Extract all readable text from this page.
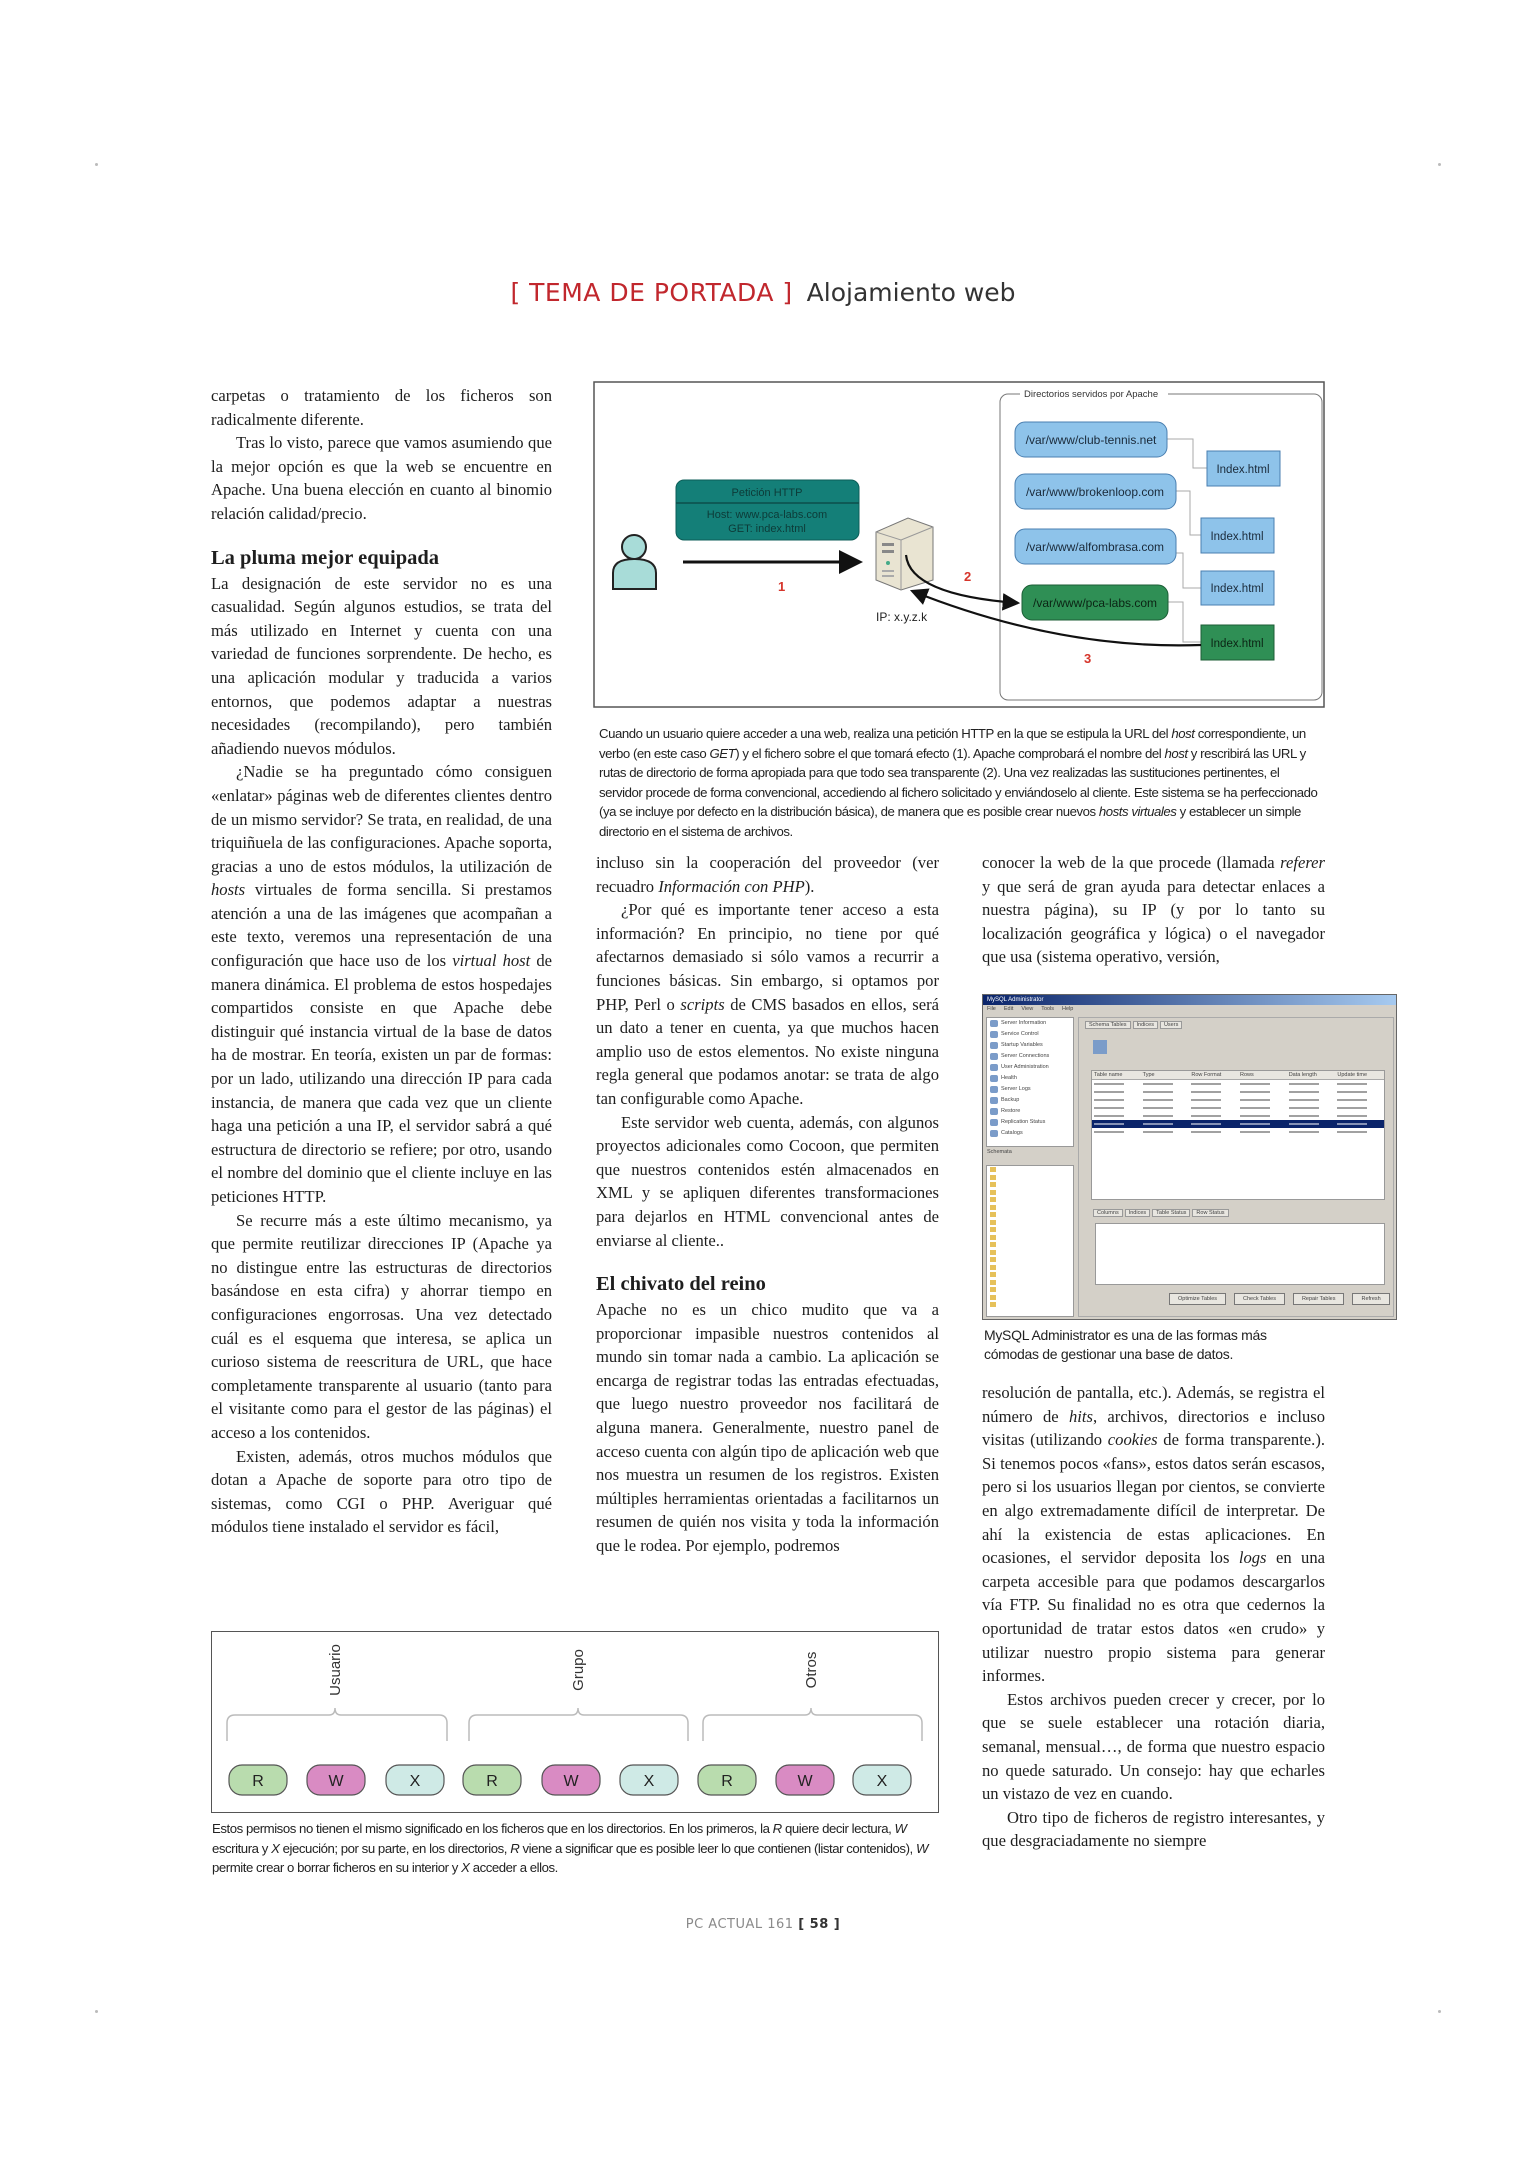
[ TEMA DE PORTADA ] Alojamiento web

carpetas o tratamiento de los ficheros son radicalmente diferente.

Tras lo visto, parece que vamos asumiendo que la mejor opción es que la web se encuentre en Apache. Una buena elección en cuanto al binomio relación calidad/precio.

La pluma mejor equipada

La designación de este servidor no es una casualidad. Según algunos estudios, se trata del más utilizado en Internet y cuenta con una variedad de funciones sorprendente. De hecho, es una aplicación modular y traducida a varios entornos, que podemos adaptar a nuestras necesidades (recompilando), pero también añadiendo nuevos módulos.

¿Nadie se ha preguntado cómo consiguen «enlatar» páginas web de diferentes clientes dentro de un mismo servidor? Se trata, en realidad, de una triquiñuela de las configuraciones. Apache soporta, gracias a uno de estos módulos, la utilización de hosts virtuales de forma sencilla. Si prestamos atención a una de las imágenes que acompañan a este texto, veremos una representación de una configuración que hace uso de los virtual host de manera dinámica. El problema de estos hospedajes compartidos consiste en que Apache debe distinguir qué instancia virtual de la base de datos ha de mostrar. En teoría, existen un par de formas: por un lado, utilizando una dirección IP para cada instancia, de manera que cada vez que un cliente haga una petición a una IP, el servidor sabrá a qué estructura de directorio se refiere; por otro, usando el nombre del dominio que el cliente incluye en las peticiones HTTP.

Se recurre más a este último mecanismo, ya que permite reutilizar direcciones IP (Apache ya no distingue entre las estructuras de directorios basándose en esta cifra) y ahorrar tiempo en configuraciones engorrosas. Una vez detectado cuál es el esquema que interesa, se aplica un curioso sistema de reescritura de URL, que hace completamente transparente al usuario (tanto para el visitante como para el gestor de las páginas) el acceso a los contenidos.

Existen, además, otros muchos módulos que dotan a Apache de soporte para otro tipo de sistemas, como CGI o PHP. Averiguar qué módulos tiene instalado el servidor es fácil,

Directorios servidos por Apache
/var/www/club-tennis.net
/var/www/brokenloop.com
/var/www/alfombrasa.com
/var/www/pca-labs.com
Index.html
Index.html
Index.html
Index.html
Petición HTTP
Host: www.pca-labs.com
GET: index.html
IP: x.y.z.k
1
2
3
Cuando un usuario quiere acceder a una web, realiza una petición HTTP en la que se estipula la URL del host correspondiente, un verbo (en este caso GET) y el fichero sobre el que tomará efecto (1). Apache comprobará el nombre del host y rescribirá las URL y rutas de directorio de forma apropiada para que todo sea transparente (2). Una vez realizadas las sustituciones pertinentes, el servidor procede de forma convencional, accediendo al fichero solicitado y enviándoselo al cliente. Este sistema se ha perfeccionado (ya se incluye por defecto en la distribución básica), de manera que es posible crear nuevos hosts virtuales y establecer un simple directorio en el sistema de archivos.

incluso sin la cooperación del proveedor (ver recuadro Información con PHP).

¿Por qué es importante tener acceso a esta información? En principio, no tiene por qué afectarnos demasiado si sólo vamos a recurrir a funciones básicas. Sin embargo, si optamos por PHP, Perl o scripts de CMS basados en ellos, será un dato a tener en cuenta, ya que muchos hacen amplio uso de estos elementos. No existe ninguna regla general que podamos anotar: se trata de algo tan configurable como Apache.

Este servidor web cuenta, además, con algunos proyectos adicionales como Cocoon, que permiten que nuestros contenidos estén almacenados en XML y se apliquen diferentes transformaciones para dejarlos en HTML convencional antes de enviarse al cliente..

El chivato del reino

Apache no es un chico mudito que va a proporcionar impasible nuestros contenidos al mundo sin tomar nada a cambio. La aplicación se encarga de registrar todas las entradas efectuadas, que luego nuestro proveedor nos facilitará de alguna manera. Generalmente, nuestro panel de acceso cuenta con algún tipo de aplicación web que nos muestra un resumen de los registros. Existen múltiples herramientas orientadas a facilitarnos un resumen de quién nos visita y toda la información que le rodea. Por ejemplo, podremos

conocer la web de la que procede (llamada referer y que será de gran ayuda para detectar enlaces a nuestra página), su IP (y por lo tanto su localización geográfica y lógica) o el navegador que usa (sistema operativo, versión,

MySQL Administrator
File Edit View Tools Help
Server Information
Service Control
Startup Variables
Server Connections
User Administration
Health
Server Logs
Backup
Restore
Replication Status
Catalogs
Schemata
Schema Tables	Indices	Users
Table name	Type	Row Format	Rows	Data length	Update time
Columns	Indices	Table Status	Row Status
Optimize Tables	Check Tables	Repair Tables	Refresh
MySQL Administrator es una de las formas más cómodas de gestionar una base de datos.

resolución de pantalla, etc.). Además, se registra el número de hits, archivos, directorios e incluso visitas (utilizando cookies de forma transparente.). Si tenemos pocos «fans», estos datos serán escasos, pero si los usuarios llegan por cientos, se convierte en algo extremadamente difícil de interpretar. De ahí la existencia de estas aplicaciones. En ocasiones, el servidor deposita los logs en una carpeta accesible para que podamos descargarlos vía FTP. Su finalidad no es otra que cedernos la oportunidad de tratar estos datos «en crudo» y utilizar nuestro propio sistema para generar informes.

Estos archivos pueden crecer y crecer, por lo que se suele establecer una rotación diaria, semanal, mensual…, de forma que nuestro espacio no quede saturado. Un consejo: hay que echarles un vistazo de vez en cuando.

Otro tipo de ficheros de registro interesantes, y que desgraciadamente no siempre

Usuario	Grupo	Otros
R	W	X	R	W	X	R	W	X
Estos permisos no tienen el mismo significado en los ficheros que en los directorios. En los primeros, la R quiere decir lectura, W escritura y X ejecución; por su parte, en los directorios, R viene a significar que es posible leer lo que contienen (listar contenidos), W permite crear o borrar ficheros en su interior y X acceder a ellos.
PC ACTUAL 161 [ 58 ]
